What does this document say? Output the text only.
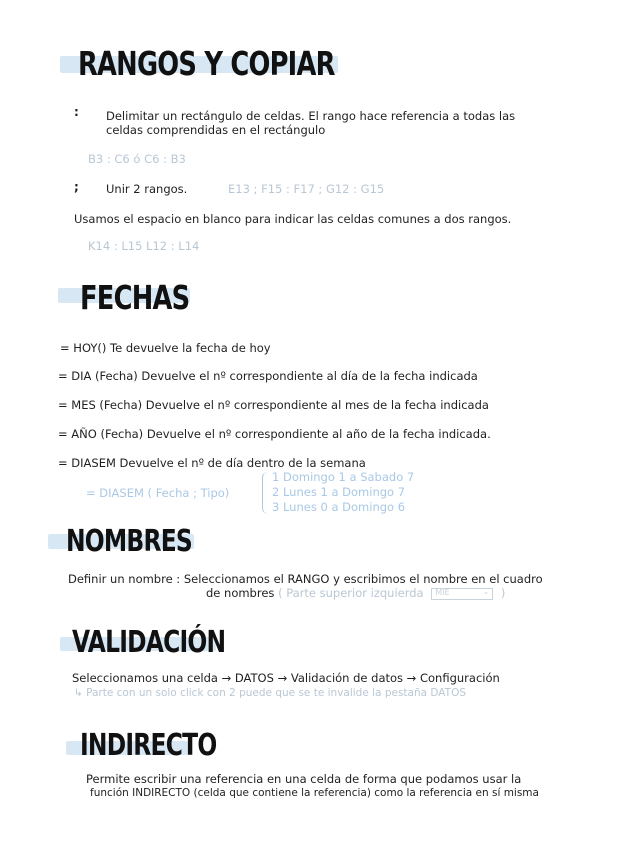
RANGOS Y COPIAR
: Delimitar un rectángulo de celdas. El rango hace referencia a todas las
celdas comprendidas en el rectángulo
B3 : C6 ó C6 : B3
; Unir 2 rangos.	E13 ; F15 : F17 ; G12 : G15
Usamos el espacio en blanco para indicar las celdas comunes a dos rangos.
K14 : L15 L12 : L14
FECHAS
= HOY() Te devuelve la fecha de hoy
= DIA (Fecha) Devuelve el nº correspondiente al día de la fecha indicada
= MES (Fecha) Devuelve el nº correspondiente al mes de la fecha indicada
= AÑO (Fecha) Devuelve el nº correspondiente al año de la fecha indicada.
= DIASEM Devuelve el nº de día dentro de la semana
= DIASEM ( Fecha ; Tipo)
1 Domingo 1 a Sabado 7
2 Lunes 1 a Domingo 7
3 Lunes 0 a Domingo 6
NOMBRES
Definir un nombre : Seleccionamos el RANGO y escribimos el nombre en el cuadro
de nombres ( Parte superior izquierda MIE	⌄ )
VALIDACIÓN
Seleccionamos una celda → DATOS → Validación de datos → Configuración
↳ Parte con un solo click con 2 puede que se te invalide la pestaña DATOS
INDIRECTO
Permite escribir una referencia en una celda de forma que podamos usar la
función INDIRECTO (celda que contiene la referencia) como la referencia en sí misma
